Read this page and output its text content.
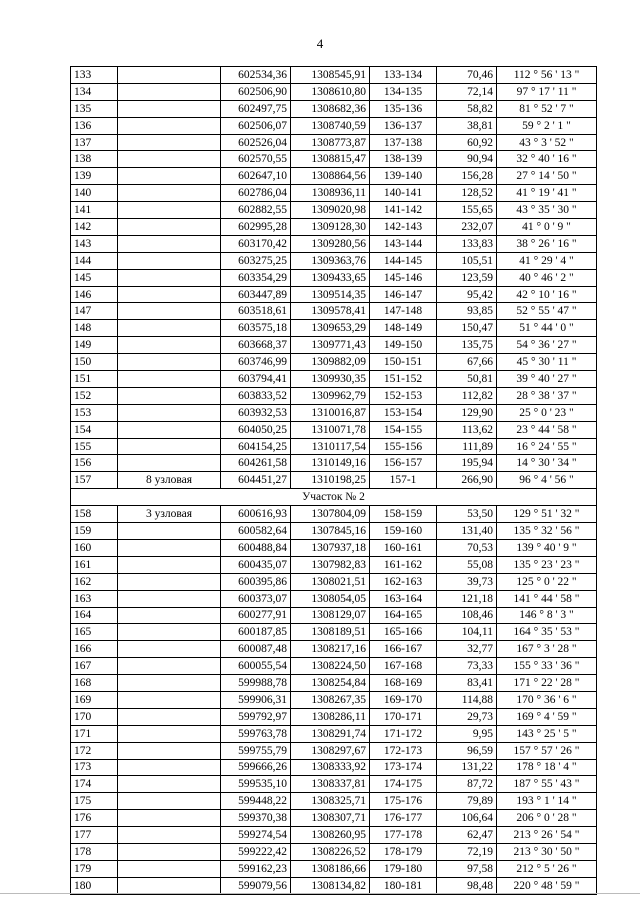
4
133		602534,36	1308545,91	133-134	70,46	112 ° 56 ' 13 "
134		602506,90	1308610,80	134-135	72,14	97 ° 17 ' 11 "
135		602497,75	1308682,36	135-136	58,82	81 ° 52 ' 7 "
136		602506,07	1308740,59	136-137	38,81	59 ° 2 ' 1 "
137		602526,04	1308773,87	137-138	60,92	43 ° 3 ' 52 "
138		602570,55	1308815,47	138-139	90,94	32 ° 40 ' 16 "
139		602647,10	1308864,56	139-140	156,28	27 ° 14 ' 50 "
140		602786,04	1308936,11	140-141	128,52	41 ° 19 ' 41 "
141		602882,55	1309020,98	141-142	155,65	43 ° 35 ' 30 "
142		602995,28	1309128,30	142-143	232,07	41 ° 0 ' 9 "
143		603170,42	1309280,56	143-144	133,83	38 ° 26 ' 16 "
144		603275,25	1309363,76	144-145	105,51	41 ° 29 ' 4 "
145		603354,29	1309433,65	145-146	123,59	40 ° 46 ' 2 "
146		603447,89	1309514,35	146-147	95,42	42 ° 10 ' 16 "
147		603518,61	1309578,41	147-148	93,85	52 ° 55 ' 47 "
148		603575,18	1309653,29	148-149	150,47	51 ° 44 ' 0 "
149		603668,37	1309771,43	149-150	135,75	54 ° 36 ' 27 "
150		603746,99	1309882,09	150-151	67,66	45 ° 30 ' 11 "
151		603794,41	1309930,35	151-152	50,81	39 ° 40 ' 27 "
152		603833,52	1309962,79	152-153	112,82	28 ° 38 ' 37 "
153		603932,53	1310016,87	153-154	129,90	25 ° 0 ' 23 "
154		604050,25	1310071,78	154-155	113,62	23 ° 44 ' 58 "
155		604154,25	1310117,54	155-156	111,89	16 ° 24 ' 55 "
156		604261,58	1310149,16	156-157	195,94	14 ° 30 ' 34 "
157	8 узловая	604451,27	1310198,25	157-1	266,90	96 ° 4 ' 56 "
Участок № 2						
158	3 узловая	600616,93	1307804,09	158-159	53,50	129 ° 51 ' 32 "
159		600582,64	1307845,16	159-160	131,40	135 ° 32 ' 56 "
160		600488,84	1307937,18	160-161	70,53	139 ° 40 ' 9 "
161		600435,07	1307982,83	161-162	55,08	135 ° 23 ' 23 "
162		600395,86	1308021,51	162-163	39,73	125 ° 0 ' 22 "
163		600373,07	1308054,05	163-164	121,18	141 ° 44 ' 58 "
164		600277,91	1308129,07	164-165	108,46	146 ° 8 ' 3 "
165		600187,85	1308189,51	165-166	104,11	164 ° 35 ' 53 "
166		600087,48	1308217,16	166-167	32,77	167 ° 3 ' 28 "
167		600055,54	1308224,50	167-168	73,33	155 ° 33 ' 36 "
168		599988,78	1308254,84	168-169	83,41	171 ° 22 ' 28 "
169		599906,31	1308267,35	169-170	114,88	170 ° 36 ' 6 "
170		599792,97	1308286,11	170-171	29,73	169 ° 4 ' 59 "
171		599763,78	1308291,74	171-172	9,95	143 ° 25 ' 5 "
172		599755,79	1308297,67	172-173	96,59	157 ° 57 ' 26 "
173		599666,26	1308333,92	173-174	131,22	178 ° 18 ' 4 "
174		599535,10	1308337,81	174-175	87,72	187 ° 55 ' 43 "
175		599448,22	1308325,71	175-176	79,89	193 ° 1 ' 14 "
176		599370,38	1308307,71	176-177	106,64	206 ° 0 ' 28 "
177		599274,54	1308260,95	177-178	62,47	213 ° 26 ' 54 "
178		599222,42	1308226,52	178-179	72,19	213 ° 30 ' 50 "
179		599162,23	1308186,66	179-180	97,58	212 ° 5 ' 26 "
180		599079,56	1308134,82	180-181	98,48	220 ° 48 ' 59 "
